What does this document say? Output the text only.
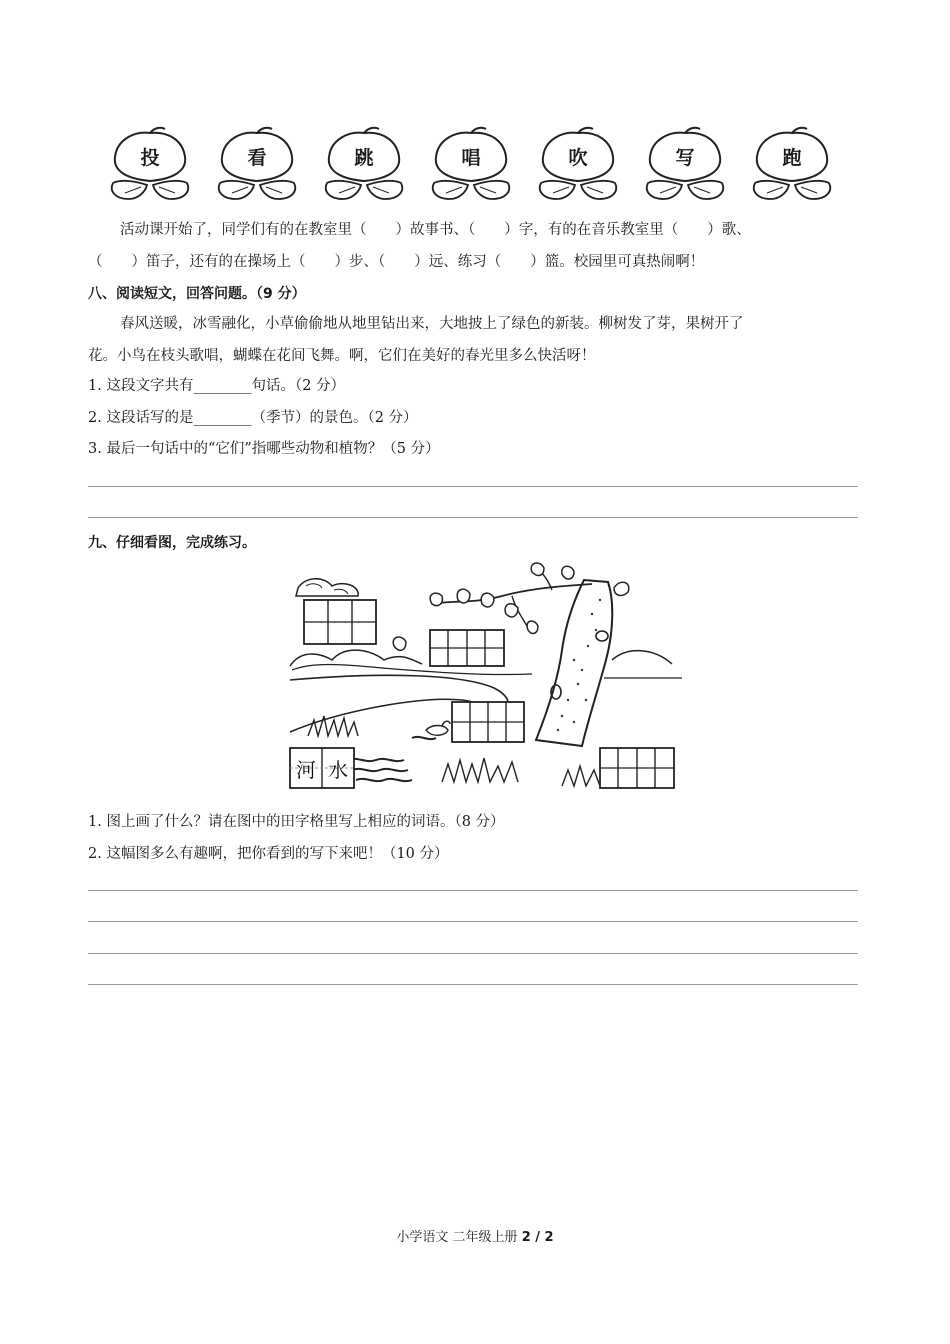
投	看	跳	唱	吹	写	跑
活动课开始了，同学们有的在教室里（　　）故事书、（　　）字，有的在音乐教室里（　　）歌、
（　　）笛子，还有的在操场上（　　）步、（　　）远、练习（　　）篮。校园里可真热闹啊！
八、阅读短文，回答问题。（9 分）
春风送暖，冰雪融化，小草偷偷地从地里钻出来，大地披上了绿色的新装。柳树发了芽，果树开了
花。小鸟在枝头歌唱，蝴蝶在花间飞舞。啊，它们在美好的春光里多么快活呀！
1. 这段文字共有________句话。（2 分）
2. 这段话写的是________（季节）的景色。（2 分）
3. 最后一句话中的“它们”指哪些动物和植物？（5 分）
九、仔细看图，完成练习。
河 水
1. 图上画了什么？请在图中的田字格里写上相应的词语。（8 分）
2. 这幅图多么有趣啊，把你看到的写下来吧！（10 分）
小学语文 二年级上册 2 / 2
